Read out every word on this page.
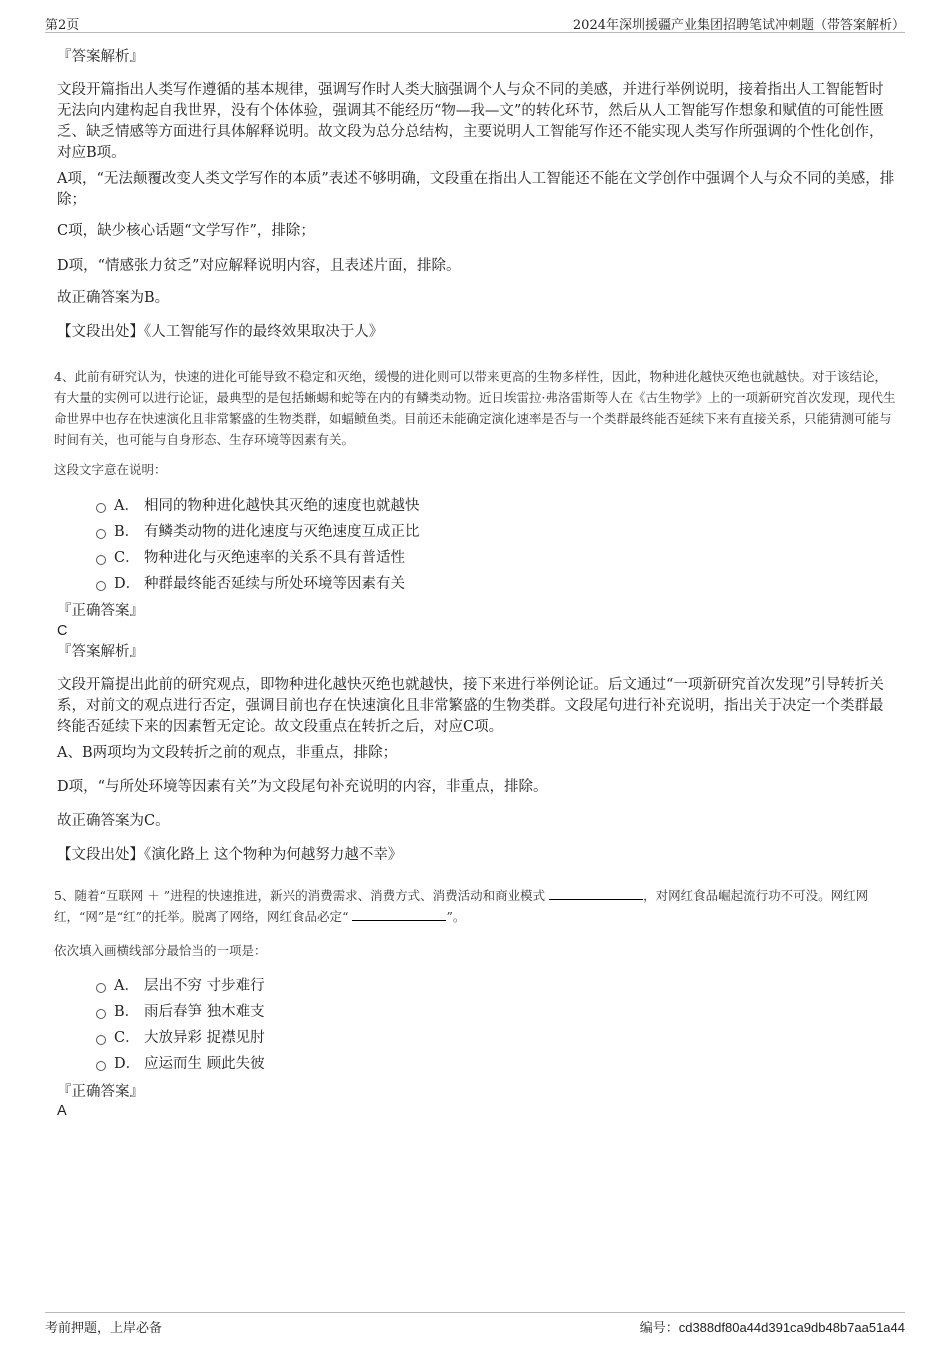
第2页	2024年深圳援疆产业集团招聘笔试冲刺题（带答案解析）
『答案解析』

文段开篇指出人类写作遵循的基本规律，强调写作时人类大脑强调个人与众不同的美感，并进行举例说明，接着指出人工智能暂时无法向内建构起自我世界，没有个体体验，强调其不能经历“物—我—文”的转化环节，然后从人工智能写作想象和赋值的可能性匮乏、缺乏情感等方面进行具体解释说明。故文段为总分总结构，主要说明人工智能写作还不能实现人类写作所强调的个性化创作，对应B项。

A项，“无法颠覆改变人类文学写作的本质”表述不够明确，文段重在指出人工智能还不能在文学创作中强调个人与众不同的美感，排除；

C项，缺少核心话题“文学写作”，排除；

D项，“情感张力贫乏”对应解释说明内容，且表述片面，排除。

故正确答案为B。

【文段出处】《人工智能写作的最终效果取决于人》

4、此前有研究认为，快速的进化可能导致不稳定和灭绝，缓慢的进化则可以带来更高的生物多样性，因此，物种进化越快灭绝也就越快。对于该结论，有大量的实例可以进行论证，最典型的是包括蜥蜴和蛇等在内的有鳞类动物。近日埃雷拉·弗洛雷斯等人在《古生物学》上的一项新研究首次发现，现代生命世界中也存在快速演化且非常繁盛的生物类群，如蝠鲼鱼类。目前还未能确定演化速率是否与一个类群最终能否延续下来有直接关系，只能猜测可能与时间有关，也可能与自身形态、生存环境等因素有关。

这段文字意在说明：

A． 相同的物种进化越快其灭绝的速度也就越快
B． 有鳞类动物的进化速度与灭绝速度互成正比
C． 物种进化与灭绝速率的关系不具有普适性
D． 种群最终能否延续与所处环境等因素有关
『正确答案』
C
『答案解析』

文段开篇提出此前的研究观点，即物种进化越快灭绝也就越快，接下来进行举例论证。后文通过“一项新研究首次发现”引导转折关系，对前文的观点进行否定，强调目前也存在快速演化且非常繁盛的生物类群。文段尾句进行补充说明，指出关于决定一个类群最终能否延续下来的因素暂无定论。故文段重点在转折之后，对应C项。

A、B两项均为文段转折之前的观点，非重点，排除；

D项，“与所处环境等因素有关”为文段尾句补充说明的内容，非重点，排除。

故正确答案为C。

【文段出处】《演化路上 这个物种为何越努力越不幸》

5、随着“互联网 ＋ ”进程的快速推进，新兴的消费需求、消费方式、消费活动和商业模式	，对网红食品崛起流行功不可没。网红网红，“网”是“红”的托举。脱离了网络，网红食品必定“	”。

依次填入画横线部分最恰当的一项是：

A． 层出不穷 寸步难行
B． 雨后春笋 独木难支
C． 大放异彩 捉襟见肘
D． 应运而生 顾此失彼
『正确答案』
A
考前押题，上岸必备	编号：cd388df80a44d391ca9db48b7aa51a44
